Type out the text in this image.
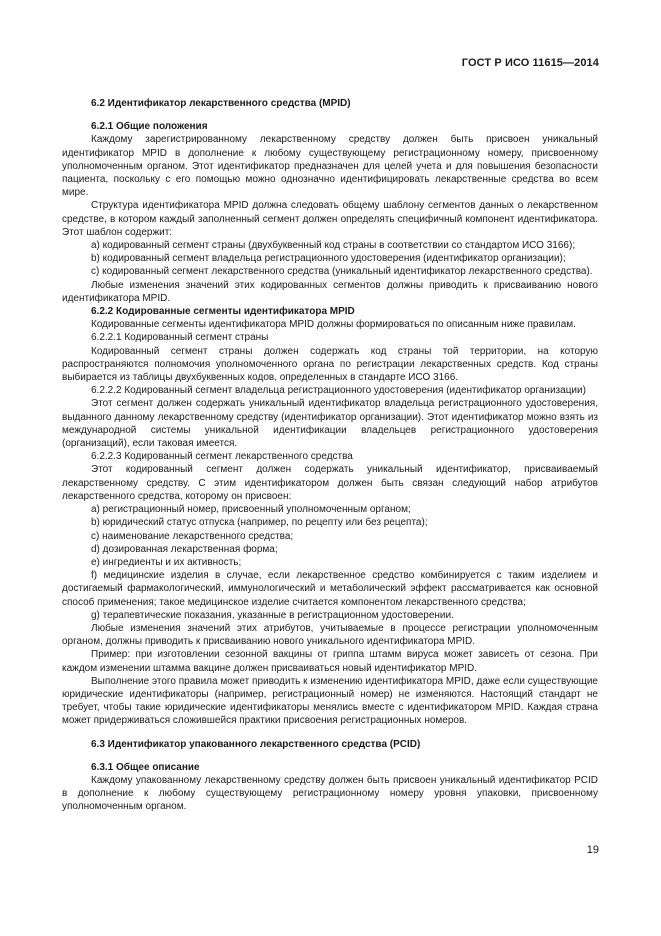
ГОСТ Р ИСО 11615—2014

6.2 Идентификатор лекарственного средства (MPID)

6.2.1 Общие положения

Каждому зарегистрированному лекарственному средству должен быть присвоен уникальный идентификатор MPID в дополнение к любому существующему регистрационному номеру, присвоенному уполномоченным органом. Этот идентификатор предназначен для целей учета и для повышения безопасности пациента, поскольку с его помощью можно однозначно идентифицировать лекарственные средства во всем мире.

Структура идентификатора MPID должна следовать общему шаблону сегментов данных о лекарственном средстве, в котором каждый заполненный сегмент должен определять специфичный компонент идентификатора. Этот шаблон содержит:

a) кодированный сегмент страны (двухбуквенный код страны в соответствии со стандартом ИСО 3166);

b) кодированный сегмент владельца регистрационного удостоверения (идентификатор организации);

c) кодированный сегмент лекарственного средства (уникальный идентификатор лекарственного средства).

Любые изменения значений этих кодированных сегментов должны приводить к присваиванию нового идентификатора MPID.

6.2.2 Кодированные сегменты идентификатора MPID

Кодированные сегменты идентификатора MPID должны формироваться по описанным ниже правилам.

6.2.2.1 Кодированный сегмент страны

Кодированный сегмент страны должен содержать код страны той территории, на которую распространяются полномочия уполномоченного органа по регистрации лекарственных средств. Код страны выбирается из таблицы двухбуквенных кодов, определенных в стандарте ИСО 3166.

6.2.2.2 Кодированный сегмент владельца регистрационного удостоверения (идентификатор организации)

Этот сегмент должен содержать уникальный идентификатор владельца регистрационного удостоверения, выданного данному лекарственному средству (идентификатор организации). Этот идентификатор можно взять из международной системы уникальной идентификации владельцев регистрационного удостоверения (организаций), если таковая имеется.

6.2.2.3 Кодированный сегмент лекарственного средства

Этот кодированный сегмент должен содержать уникальный идентификатор, присваиваемый лекарственному средству. С этим идентификатором должен быть связан следующий набор атрибутов лекарственного средства, которому он присвоен:

a) регистрационный номер, присвоенный уполномоченным органом;

b) юридический статус отпуска (например, по рецепту или без рецепта);

c) наименование лекарственного средства;

d) дозированная лекарственная форма;

e) ингредиенты и их активность;

f) медицинские изделия в случае, если лекарственное средство комбинируется с таким изделием и достигаемый фармакологический, иммунологический и метаболический эффект рассматривается как основной способ применения; такое медицинское изделие считается компонентом лекарственного средства;

g) терапевтические показания, указанные в регистрационном удостоверении.

Любые изменения значений этих атрибутов, учитываемые в процессе регистрации уполномоченным органом, должны приводить к присваиванию нового уникального идентификатора MPID.

Пример: при изготовлении сезонной вакцины от гриппа штамм вируса может зависеть от сезона. При каждом изменении штамма вакцине должен присваиваться новый идентификатор MPID.

Выполнение этого правила может приводить к изменению идентификатора MPID, даже если существующие юридические идентификаторы (например, регистрационный номер) не изменяются. Настоящий стандарт не требует, чтобы такие юридические идентификаторы менялись вместе с идентификатором MPID. Каждая страна может придерживаться сложившейся практики присвоения регистрационных номеров.

6.3 Идентификатор упакованного лекарственного средства (PCID)

6.3.1 Общее описание

Каждому упакованному лекарственному средству должен быть присвоен уникальный идентификатор PCID в дополнение к любому существующему регистрационному номеру уровня упаковки, присвоенному уполномоченным органом.

19
